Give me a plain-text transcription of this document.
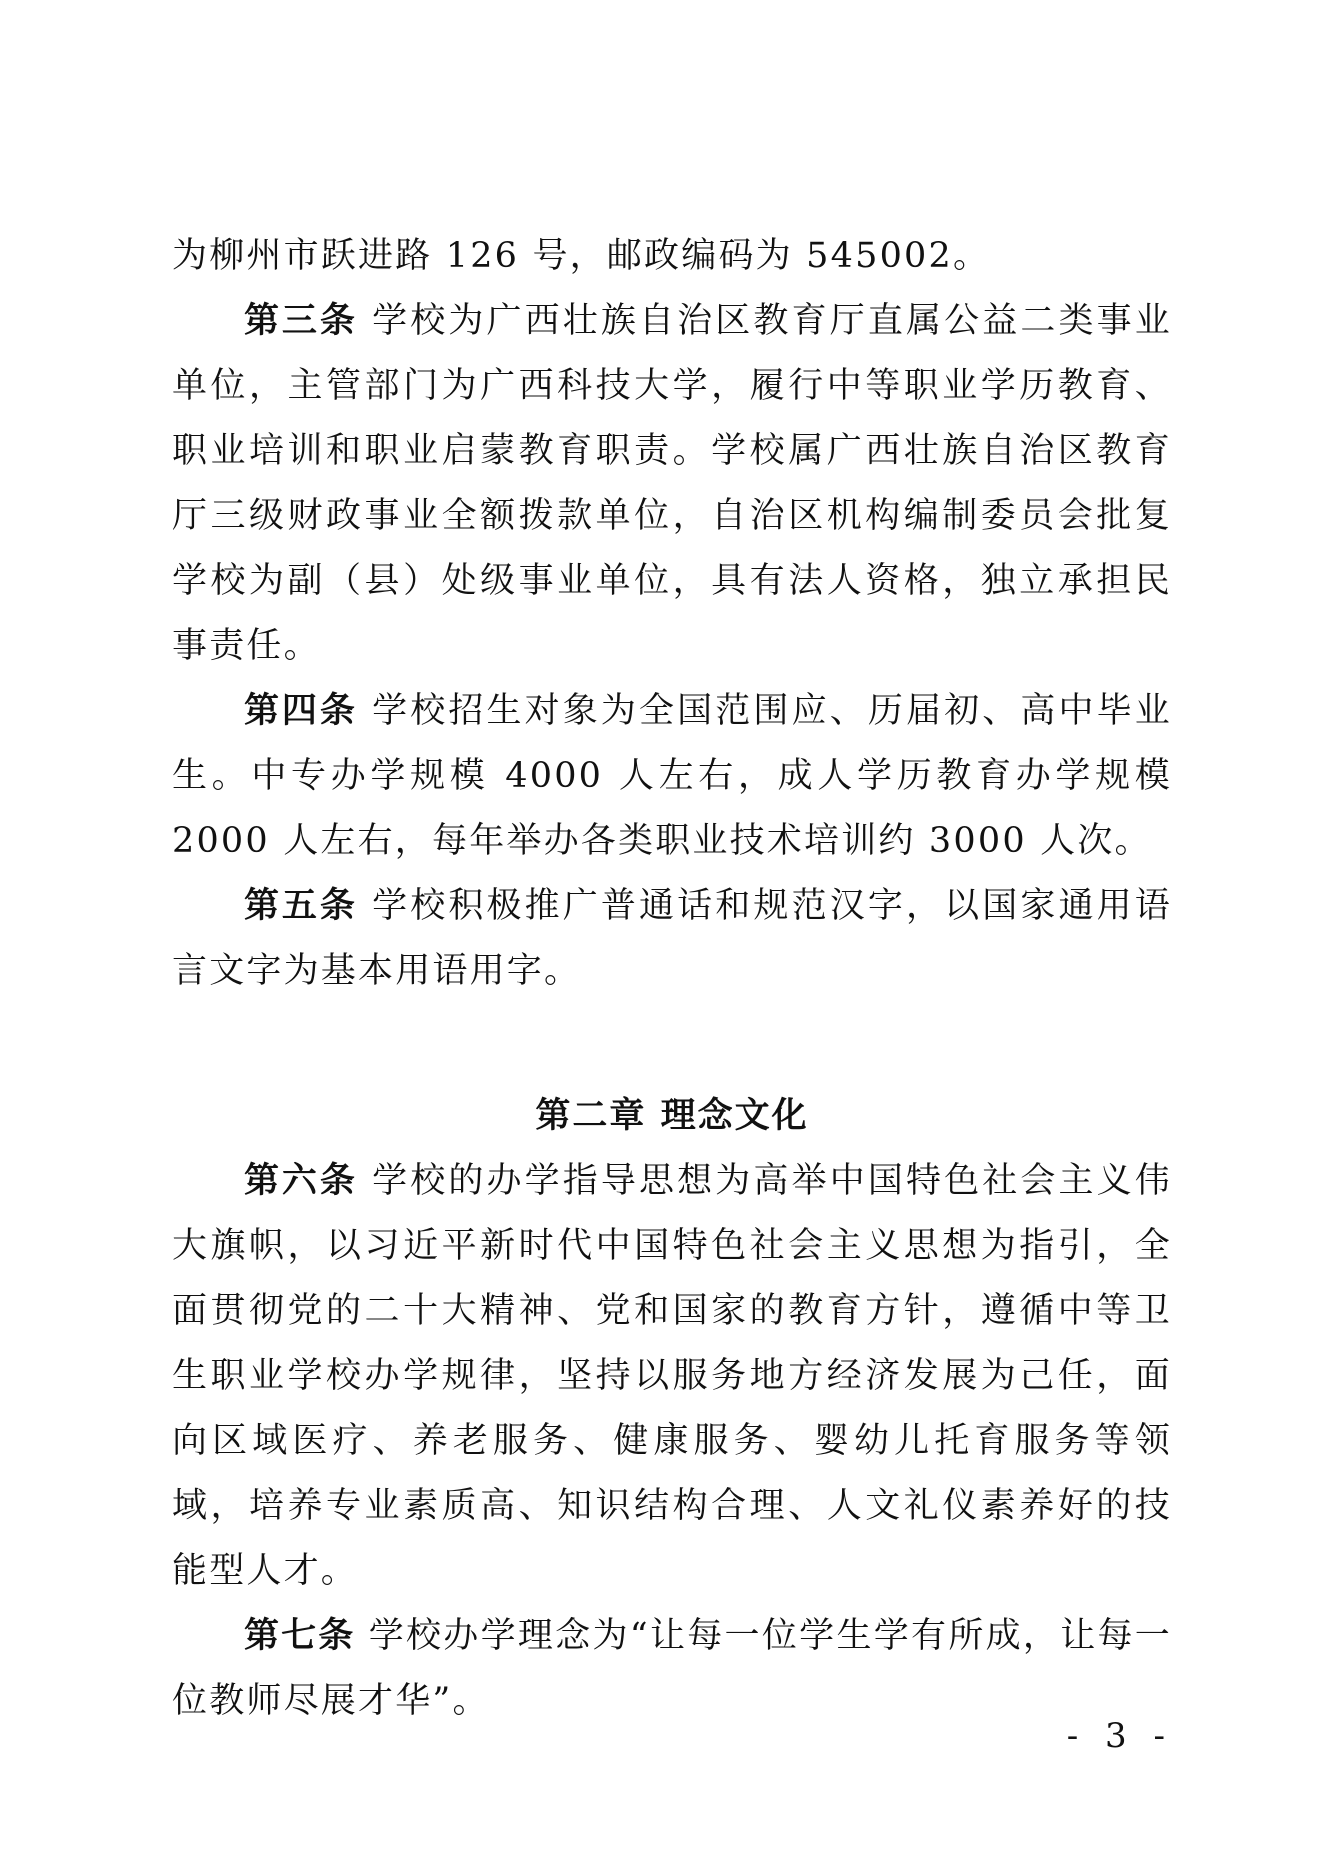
为柳州市跃进路 126 号，邮政编码为 545002。

第三条 学校为广西壮族自治区教育厅直属公益二类事业单位，主管部门为广西科技大学，履行中等职业学历教育、职业培训和职业启蒙教育职责。学校属广西壮族自治区教育厅三级财政事业全额拨款单位，自治区机构编制委员会批复学校为副（县）处级事业单位，具有法人资格，独立承担民事责任。

第四条 学校招生对象为全国范围应、历届初、高中毕业生。中专办学规模 4000 人左右，成人学历教育办学规模 2000 人左右，每年举办各类职业技术培训约 3000 人次。

第五条 学校积极推广普通话和规范汉字，以国家通用语言文字为基本用语用字。

第二章 理念文化

第六条 学校的办学指导思想为高举中国特色社会主义伟大旗帜，以习近平新时代中国特色社会主义思想为指引，全面贯彻党的二十大精神、党和国家的教育方针，遵循中等卫生职业学校办学规律，坚持以服务地方经济发展为己任，面向区域医疗、养老服务、健康服务、婴幼儿托育服务等领域，培养专业素质高、知识结构合理、人文礼仪素养好的技能型人才。

第七条 学校办学理念为“让每一位学生学有所成，让每一位教师尽展才华”。

- 3 -
